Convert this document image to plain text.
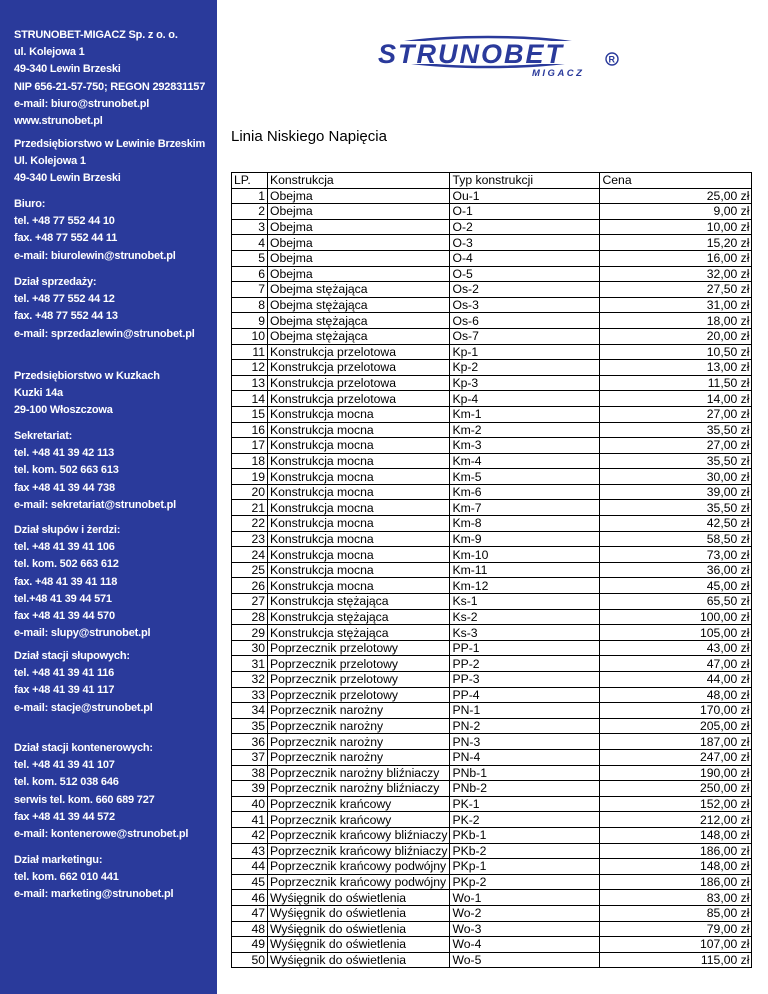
STRUNOBET-MIGACZ Sp. z o. o.
ul. Kolejowa 1
49-340 Lewin Brzeski
NIP 656-21-57-750; REGON 292831157
e-mail: biuro@strunobet.pl
www.strunobet.pl
Przedsiębiorstwo w Lewinie Brzeskim
Ul. Kolejowa 1
49-340 Lewin Brzeski
Biuro:
tel. +48 77 552 44 10
fax. +48 77 552 44 11
e-mail: biurolewin@strunobet.pl
Dział sprzedaży:
tel. +48 77 552 44 12
fax. +48 77 552 44 13
e-mail: sprzedazlewin@strunobet.pl
Przedsiębiorstwo w Kuzkach
Kuzki 14a
29-100 Włoszczowa
Sekretariat:
tel. +48 41 39 42 113
tel. kom. 502 663 613
fax +48 41 39 44 738
e-mail: sekretariat@strunobet.pl
Dział słupów i żerdzi:
tel. +48 41 39 41 106
tel. kom. 502 663 612
fax. +48 41 39 41 118
tel.+48 41 39 44 571
fax +48 41 39 44 570
e-mail: slupy@strunobet.pl
Dział stacji słupowych:
tel. +48 41 39 41 116
fax +48 41 39 41 117
e-mail: stacje@strunobet.pl
Dział stacji kontenerowych:
tel. +48 41 39 41 107
tel. kom. 512 038 646
serwis tel. kom. 660 689 727
fax +48 41 39 44 572
e-mail: kontenerowe@strunobet.pl
Dział marketingu:
tel. kom. 662 010 441
e-mail: marketing@strunobet.pl
STRUNOBET
MIGACZ
R
Linia Niskiego Napięcia
LP.	Konstrukcja	Typ konstrukcji	Cena
1	Obejma	Ou-1	25,00 zł
2	Obejma	O-1	9,00 zł
3	Obejma	O-2	10,00 zł
4	Obejma	O-3	15,20 zł
5	Obejma	O-4	16,00 zł
6	Obejma	O-5	32,00 zł
7	Obejma stężająca	Os-2	27,50 zł
8	Obejma stężająca	Os-3	31,00 zł
9	Obejma stężająca	Os-6	18,00 zł
10	Obejma stężająca	Os-7	20,00 zł
11	Konstrukcja przelotowa	Kp-1	10,50 zł
12	Konstrukcja przelotowa	Kp-2	13,00 zł
13	Konstrukcja przelotowa	Kp-3	11,50 zł
14	Konstrukcja przelotowa	Kp-4	14,00 zł
15	Konstrukcja mocna	Km-1	27,00 zł
16	Konstrukcja mocna	Km-2	35,50 zł
17	Konstrukcja mocna	Km-3	27,00 zł
18	Konstrukcja mocna	Km-4	35,50 zł
19	Konstrukcja mocna	Km-5	30,00 zł
20	Konstrukcja mocna	Km-6	39,00 zł
21	Konstrukcja mocna	Km-7	35,50 zł
22	Konstrukcja mocna	Km-8	42,50 zł
23	Konstrukcja mocna	Km-9	58,50 zł
24	Konstrukcja mocna	Km-10	73,00 zł
25	Konstrukcja mocna	Km-11	36,00 zł
26	Konstrukcja mocna	Km-12	45,00 zł
27	Konstrukcja stężająca	Ks-1	65,50 zł
28	Konstrukcja stężająca	Ks-2	100,00 zł
29	Konstrukcja stężająca	Ks-3	105,00 zł
30	Poprzecznik przelotowy	PP-1	43,00 zł
31	Poprzecznik przelotowy	PP-2	47,00 zł
32	Poprzecznik przelotowy	PP-3	44,00 zł
33	Poprzecznik przelotowy	PP-4	48,00 zł
34	Poprzecznik narożny	PN-1	170,00 zł
35	Poprzecznik narożny	PN-2	205,00 zł
36	Poprzecznik narożny	PN-3	187,00 zł
37	Poprzecznik narożny	PN-4	247,00 zł
38	Poprzecznik narożny bliźniaczy	PNb-1	190,00 zł
39	Poprzecznik narożny bliźniaczy	PNb-2	250,00 zł
40	Poprzecznik krańcowy	PK-1	152,00 zł
41	Poprzecznik krańcowy	PK-2	212,00 zł
42	Poprzecznik krańcowy bliźniaczy	PKb-1	148,00 zł
43	Poprzecznik krańcowy bliźniaczy	PKb-2	186,00 zł
44	Poprzecznik krańcowy podwójny	PKp-1	148,00 zł
45	Poprzecznik krańcowy podwójny	PKp-2	186,00 zł
46	Wyśięgnik do oświetlenia	Wo-1	83,00 zł
47	Wyśięgnik do oświetlenia	Wo-2	85,00 zł
48	Wyśięgnik do oświetlenia	Wo-3	79,00 zł
49	Wyśięgnik do oświetlenia	Wo-4	107,00 zł
50	Wyśięgnik do oświetlenia	Wo-5	115,00 zł
